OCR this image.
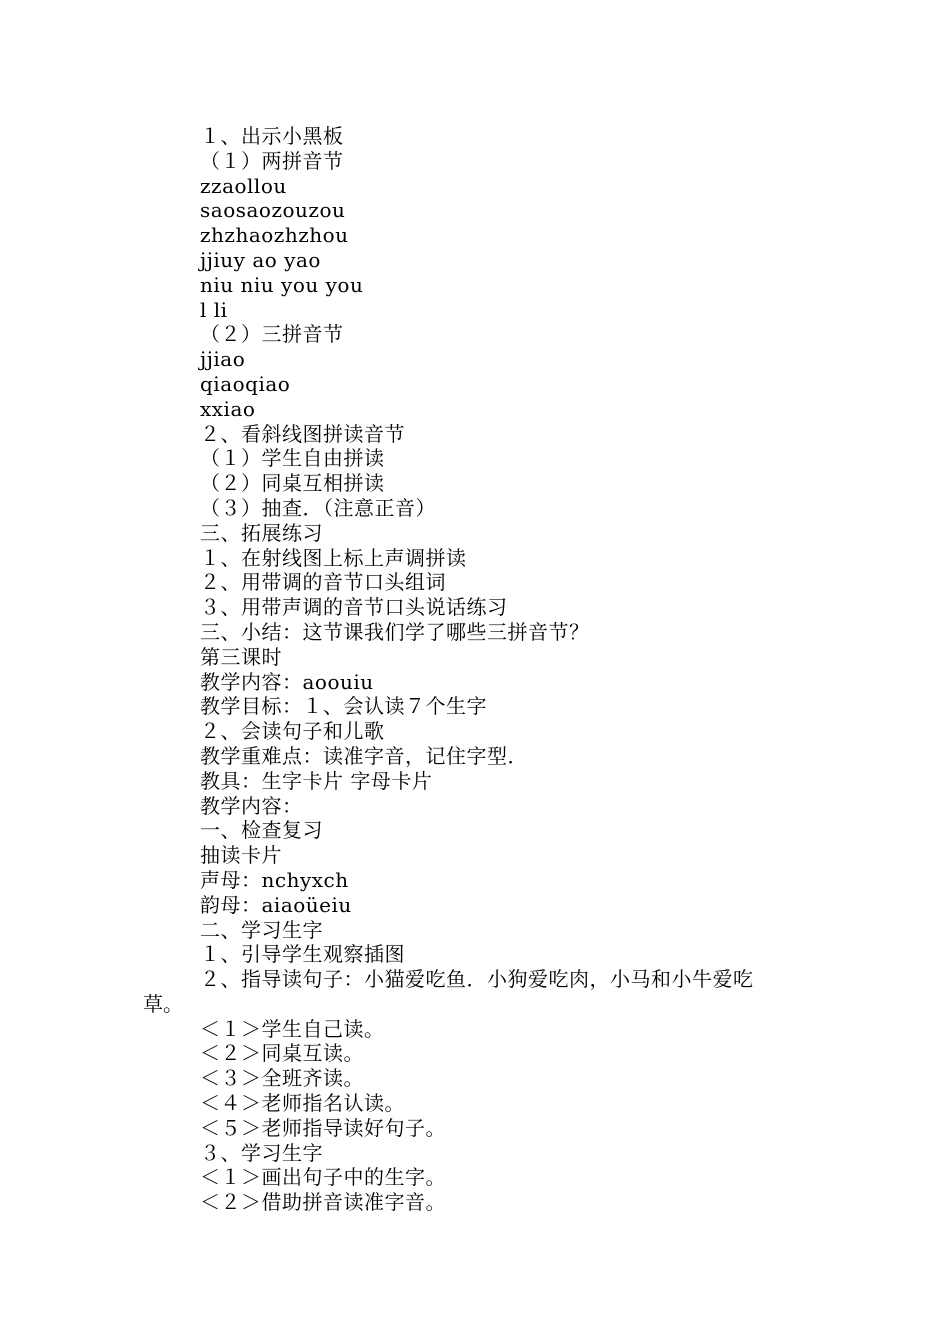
１、出示小黑板
（１）两拼音节
zzaollou
saosaozouzou
zhzhaozhzhou
jjiuy ao yao
niu niu you you
l li
（２）三拼音节
jjiao
qiaoqiao
xxiao
２、看斜线图拼读音节
（１）学生自由拼读
（２）同桌互相拼读
（３）抽查．（注意正音）
三、拓展练习
１、在射线图上标上声调拼读
２、用带调的音节口头组词
３、用带声调的音节口头说话练习
三、小结：这节课我们学了哪些三拼音节？
第三课时
教学内容：aoouiu
教学目标：１、会认读７个生字
２、会读句子和儿歌
教学重难点：读准字音，记住字型．
教具：生字卡片 字母卡片
教学内容：
一、检查复习
抽读卡片
声母：nchyxch
韵母：aiaoüeiu
二、学习生字
１、引导学生观察插图
２、指导读句子：小猫爱吃鱼．小狗爱吃肉，小马和小牛爱吃
草。
＜１＞学生自己读。
＜２＞同桌互读。
＜３＞全班齐读。
＜４＞老师指名认读。
＜５＞老师指导读好句子。
３、学习生字
＜１＞画出句子中的生字。
＜２＞借助拼音读准字音。
